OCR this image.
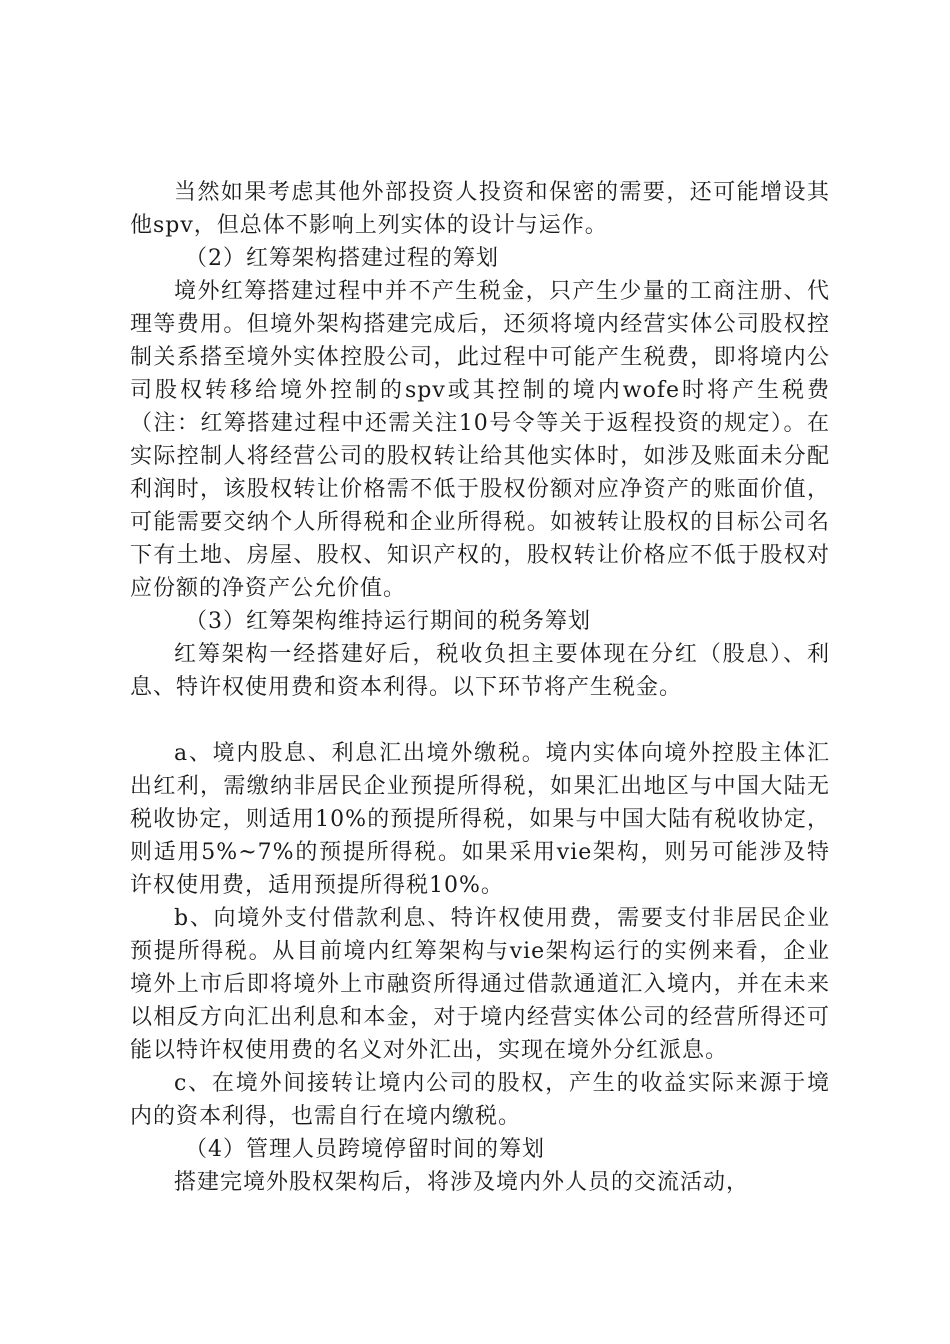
当然如果考虑其他外部投资人投资和保密的需要，还可能增设其他spv，但总体不影响上列实体的设计与运作。

（2）红筹架构搭建过程的筹划

境外红筹搭建过程中并不产生税金，只产生少量的工商注册、代理等费用。但境外架构搭建完成后，还须将境内经营实体公司股权控制关系搭至境外实体控股公司，此过程中可能产生税费，即将境内公司股权转移给境外控制的spv或其控制的境内wofe时将产生税费（注：红筹搭建过程中还需关注10号令等关于返程投资的规定）。在实际控制人将经营公司的股权转让给其他实体时，如涉及账面未分配利润时，该股权转让价格需不低于股权份额对应净资产的账面价值，可能需要交纳个人所得税和企业所得税。如被转让股权的目标公司名下有土地、房屋、股权、知识产权的，股权转让价格应不低于股权对应份额的净资产公允价值。

（3）红筹架构维持运行期间的税务筹划

红筹架构一经搭建好后，税收负担主要体现在分红（股息）、利息、特许权使用费和资本利得。以下环节将产生税金。

a、境内股息、利息汇出境外缴税。境内实体向境外控股主体汇出红利，需缴纳非居民企业预提所得税，如果汇出地区与中国大陆无税收协定，则适用10%的预提所得税，如果与中国大陆有税收协定，则适用5%~7%的预提所得税。如果采用vie架构，则另可能涉及特许权使用费，适用预提所得税10%。

b、向境外支付借款利息、特许权使用费，需要支付非居民企业预提所得税。从目前境内红筹架构与vie架构运行的实例来看，企业境外上市后即将境外上市融资所得通过借款通道汇入境内，并在未来以相反方向汇出利息和本金，对于境内经营实体公司的经营所得还可能以特许权使用费的名义对外汇出，实现在境外分红派息。

c、在境外间接转让境内公司的股权，产生的收益实际来源于境内的资本利得，也需自行在境内缴税。

（4）管理人员跨境停留时间的筹划

搭建完境外股权架构后，将涉及境内外人员的交流活动，
